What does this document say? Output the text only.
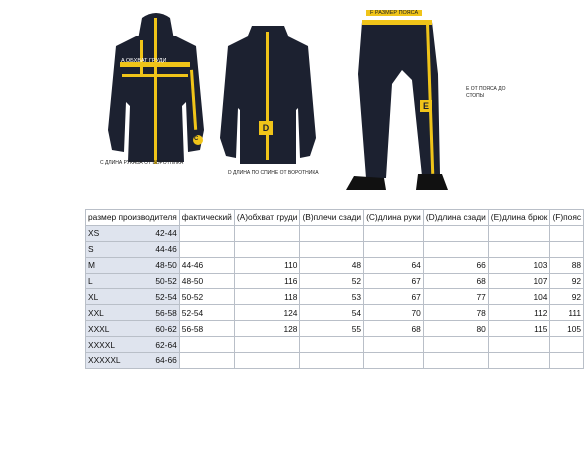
A ОБХВАТ ГРУДИ
A
C
C ДЛИНА РУКАВА ОТ ВОРОТНИКА
D
D ДЛИНА ПО СПИНЕ ОТ ВОРОТНИКА
F РАЗМЕР ПОЯСА
E ОТ ПОЯСА ДО СТОПЫ
E
размер производителя	фактический	(A)обхват груди	(B)плечи сзади	(C)длина руки	(D)длина сзади	(E)длина брюк	(F)пояс

XS 42-44							

S 44-46							

M 48-50	44-46	110	48	64	66	103	88

L 50-52	48-50	116	52	67	68	107	92

XL 52-54	50-52	118	53	67	77	104	92

XXL 56-58	52-54	124	54	70	78	112	111

XXXL 60-62	56-58	128	55	68	80	115	105

XXXXL 62-64							

XXXXXL 64-66							
